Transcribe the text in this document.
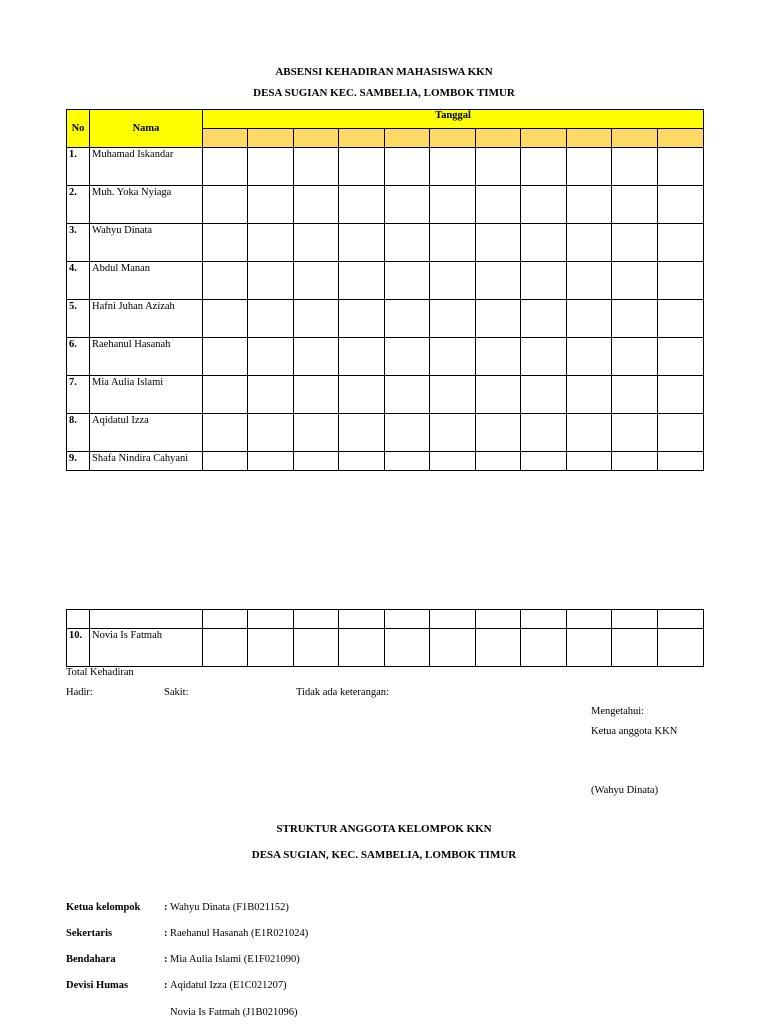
ABSENSI KEHADIRAN MAHASISWA KKN
DESA SUGIAN KEC. SAMBELIA, LOMBOK TIMUR
No	Nama	Tanggal										

1.	Muhamad Iskandar											
2.	Muh. Yoka Nyiaga											
3.	Wahyu Dinata											
4.	Abdul Manan											
5.	Hafni Juhan Azizah											
6.	Raehanul Hasanah											
7.	Mia Aulia Islami											
8.	Aqidatul Izza											
9.	Shafa Nindira Cahyani											

10.	Novia Is Fatmah											
Total Kehadiran
Hadir:	Sakit:	Tidak ada keterangan:
Mengetahui:
Ketua anggota KKN
(Wahyu Dinata)
STRUKTUR ANGGOTA KELOMPOK KKN
DESA SUGIAN, KEC. SAMBELIA, LOMBOK TIMUR
Ketua kelompok : Wahyu Dinata (F1B021152)
Sekertaris	: Raehanul Hasanah (E1R021024)
Bendahara	: Mia Aulia Islami (E1F021090)
Devisi Humas	: Aqidatul Izza (E1C021207)
Novia Is Fatmah (J1B021096)
